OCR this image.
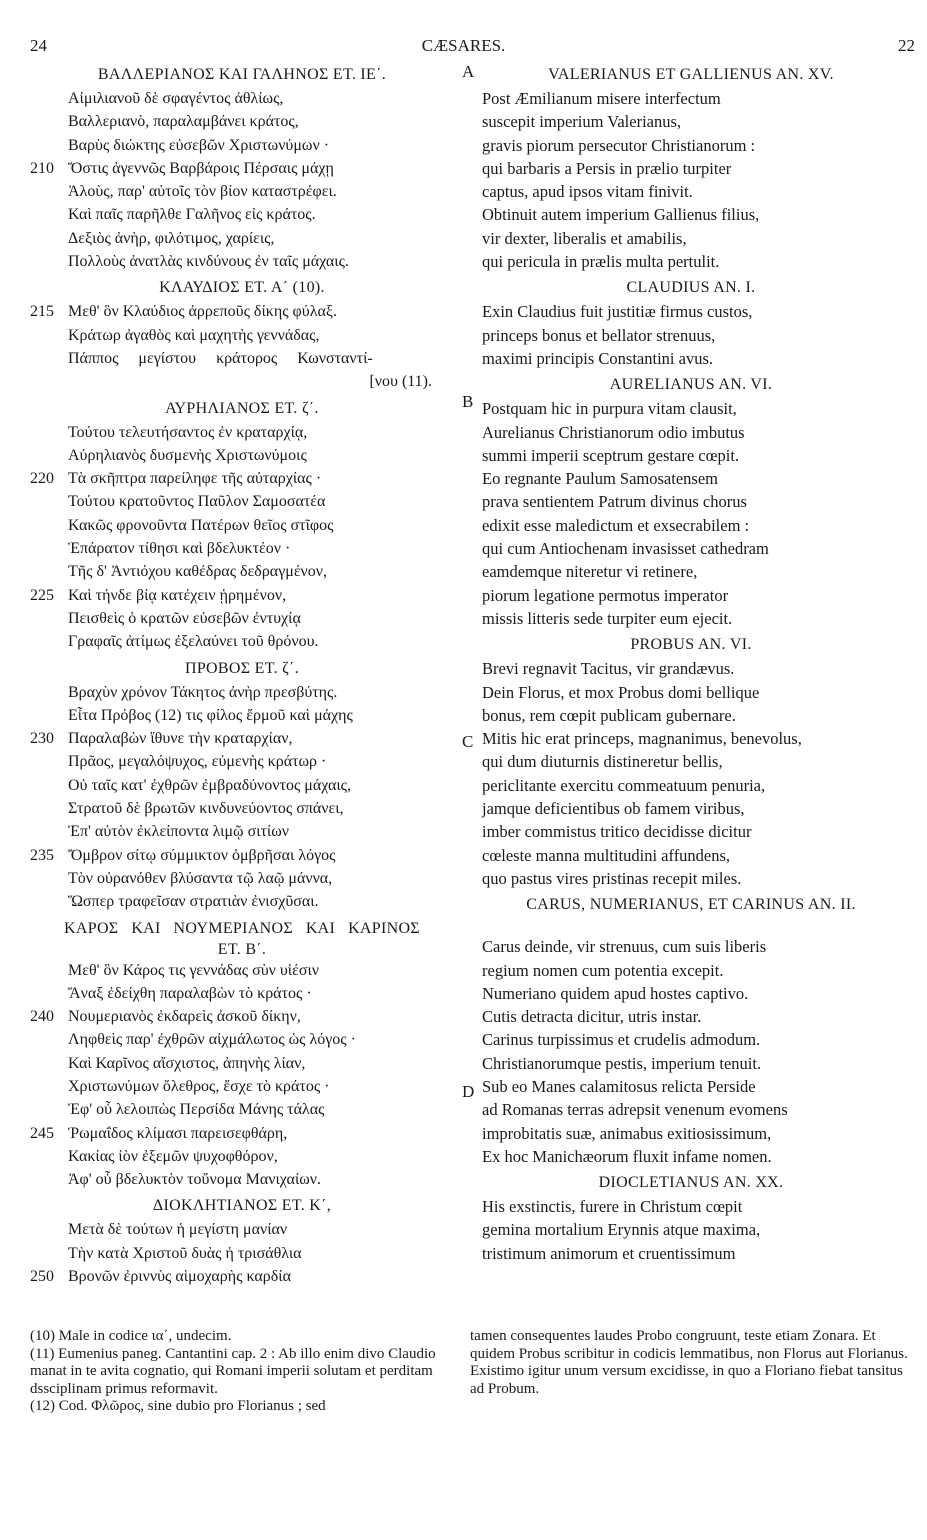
24	CÆSARES.	22
ΒΑΛΛΕΡΙΑΝΟΣ ΚΑΙ ΓΑΛΗΝΟΣ ΕΤ. ΙΕ΄.
Αἰμιλιανοῦ δὲ σφαγέντος ἀθλίως,
Βαλλεριανὸ, παραλαμβάνει κράτος,
Βαρὺς διώκτης εὐσεβῶν Χριστωνύμων ·
210 Ὅστις ἀγεννῶς Βαρβάροις Πέρσαις μάχῃ
Ἁλοὺς, παρ' αὐτοῖς τὸν βίον καταστρέφει.
Καὶ παῖς παρῆλθε Γαλῆνος εἰς κράτος.
Δεξιὸς ἀνὴρ, φιλότιμος, χαρίεις,
Πολλοὺς ἀνατλὰς κινδύνους ἐν ταῖς μάχαις.
ΚΛΑΥΔΙΟΣ ΕΤ. Α΄ (10).
215 Μεθ' ὃν Κλαύδιος ἀρρεποῦς δίκης φύλαξ.
Κράτωρ ἀγαθὸς καὶ μαχητὴς γεννάδας,
Πάππος     μεγίστου     κράτορος     Κωνσταντί-
[νου (11).
ΑΥΡΗΛΙΑΝΟΣ ΕΤ. ζ΄.
Τούτου τελευτήσαντος ἐν κραταρχίᾳ,
Αὐρηλιανὸς δυσμενὴς Χριστωνύμοις
220 Τὰ σκῆπτρα παρείληφε τῆς αὐταρχίας ·
Τούτου κρατοῦντος Παῦλον Σαμοσατέα
Κακῶς φρονοῦντα Πατέρων θεῖος στῖφος
Ἐπάρατον τίθησι καὶ βδελυκτέον ·
Τῆς δ' Ἀντιόχου καθέδρας δεδραγμένον,
225 Καὶ τήνδε βίᾳ κατέχειν ᾑρημένον,
Πεισθεὶς ὁ κρατῶν εὐσεβῶν ἐντυχίᾳ
Γραφαῖς ἀτίμως ἐξελαύνει τοῦ θρόνου.
ΠΡΟΒΟΣ ΕΤ. ζ΄.
Βραχὺν χρόνον Τάκητος ἀνὴρ πρεσβύτης.
Εἶτα Πρόβος (12) τις φίλος ἔρμοῦ καὶ μάχης
230 Παραλαβὼν ἴθυνε τὴν κραταρχίαν,
Πρᾶος, μεγαλόψυχος, εὐμενὴς κράτωρ ·
Οὐ ταῖς κατ' ἐχθρῶν ἐμβραδύνοντος μάχαις,
Στρατοῦ δὲ βρωτῶν κινδυνεύοντος σπάνει,
Ἐπ' αὐτὸν ἐκλείποντα λιμῷ σιτίων
235 Ὄμβρον σίτῳ σύμμικτον ὀμβρῆσαι λόγος
Τὸν οὐρανόθεν βλύσαντα τῷ λαῷ μάννα,
Ὥσπερ τραφεῖσαν στρατιὰν ἐνισχῦσαι.
ΚΑΡΟΣ   ΚΑΙ   ΝΟΥΜΕΡΙΑΝΟΣ   ΚΑΙ   ΚΑΡΙΝΟΣ
ΕΤ. Β΄.
Μεθ' ὃν Κάρος τις γεννάδας σὺν υἱέσιν
Ἄναξ ἐδείχθη παραλαβὼν τὸ κράτος ·
240 Νουμεριανὸς ἐκδαρεὶς ἀσκοῦ δίκην,
Ληφθεὶς παρ' ἐχθρῶν αἰχμάλωτος ὡς λόγος ·
Καὶ Καρῖνος αἴσχιστος, ἀπηνὴς λίαν,
Χριστωνύμων ὄλεθρος, ἔσχε τὸ κράτος ·
Ἐφ' οὗ λελοιπὼς Περσίδα Μάνης τάλας
245 Ῥωμαΐδος κλίμασι παρεισεφθάρη,
Κακίας ἰὸν ἐξεμῶν ψυχοφθόρον,
Ἀφ' οὗ βδελυκτὸν τοὔνομα Μανιχαίων.
ΔΙΟΚΛΗΤΙΑΝΟΣ ΕΤ. Κ΄,
Μετὰ δὲ τούτων ἡ μεγίστη μανίαν
Τὴν κατὰ Χριστοῦ δυὰς ἡ τρισάθλια
250 Βρονῶν ἐριννὺς αἱμοχαρὴς καρδία
VALERIANUS ET GALLIENUS AN. XV.
Post Æmilianum misere interfectum
suscepit imperium Valerianus,
gravis piorum persecutor Christianorum :
qui barbaris a Persis in prælio turpiter
captus, apud ipsos vitam finivit.
Obtinuit autem imperium Gallienus filius,
vir dexter, liberalis et amabilis,
qui pericula in prælis multa pertulit.
A
CLAUDIUS AN. I.
Exin Claudius fuit justitiæ firmus custos,
princeps bonus et bellator strenuus,
maximi principis Constantini avus.
AURELIANUS AN. VI.
Postquam hic in purpura vitam clausit,
Aurelianus Christianorum odio imbutus
summi imperii sceptrum gestare cœpit.
Eo regnante Paulum Samosatensem
prava sentientem Patrum divinus chorus
edixit esse maledictum et exsecrabilem :
qui cum Antiochenam invasisset cathedram
eamdemque niteretur vi retinere,
piorum legatione permotus imperator
missis litteris sede turpiter eum ejecit.
B
PROBUS AN. VI.
Brevi regnavit Tacitus, vir grandævus.
Dein Florus, et mox Probus domi bellique
bonus, rem cœpit publicam gubernare.
Mitis hic erat princeps, magnanimus, benevolus,
qui dum diuturnis distineretur bellis,
periclitante exercitu commeatuum penuria,
jamque deficientibus ob famem viribus,
imber commistus tritico decidisse dicitur
cœleste manna multitudini affundens,
quo pastus vires pristinas recepit miles.
C
CARUS, NUMERIANUS, ET CARINUS AN. II.
Carus deinde, vir strenuus, cum suis liberis
regium nomen cum potentia excepit.
Numeriano quidem apud hostes captivo.
Cutis detracta dicitur, utris instar.
Carinus turpissimus et crudelis admodum.
Christianorumque pestis, imperium tenuit.
Sub eo Manes calamitosus relicta Perside
ad Romanas terras adrepsit venenum evomens
improbitatis suæ, animabus exitiosissimum,
Ex hoc Manichæorum fluxit infame nomen.
D
DIOCLETIANUS AN. XX.
His exstinctis, furere in Christum cœpit
gemina mortalium Erynnis atque maxima,
tristimum animorum et cruentissimum
(10) Male in codice ια΄, undecim.
(11) Eumenius paneg. Cantantini cap. 2 : Ab illo enim divo Claudio manat in te avita cognatio, qui Romani imperii solutam et perditam dssciplinam primus reformavit.
(12) Cod. Φλῶρος, sine dubio pro Florianus ; sed
tamen consequentes laudes Probo congruunt, teste etiam Zonara. Et quidem Probus scribitur in codicis lemmatibus, non Florus aut Florianus. Existimo igitur unum versum excidisse, in quo a Floriano fiebat tansitus ad Probum.
